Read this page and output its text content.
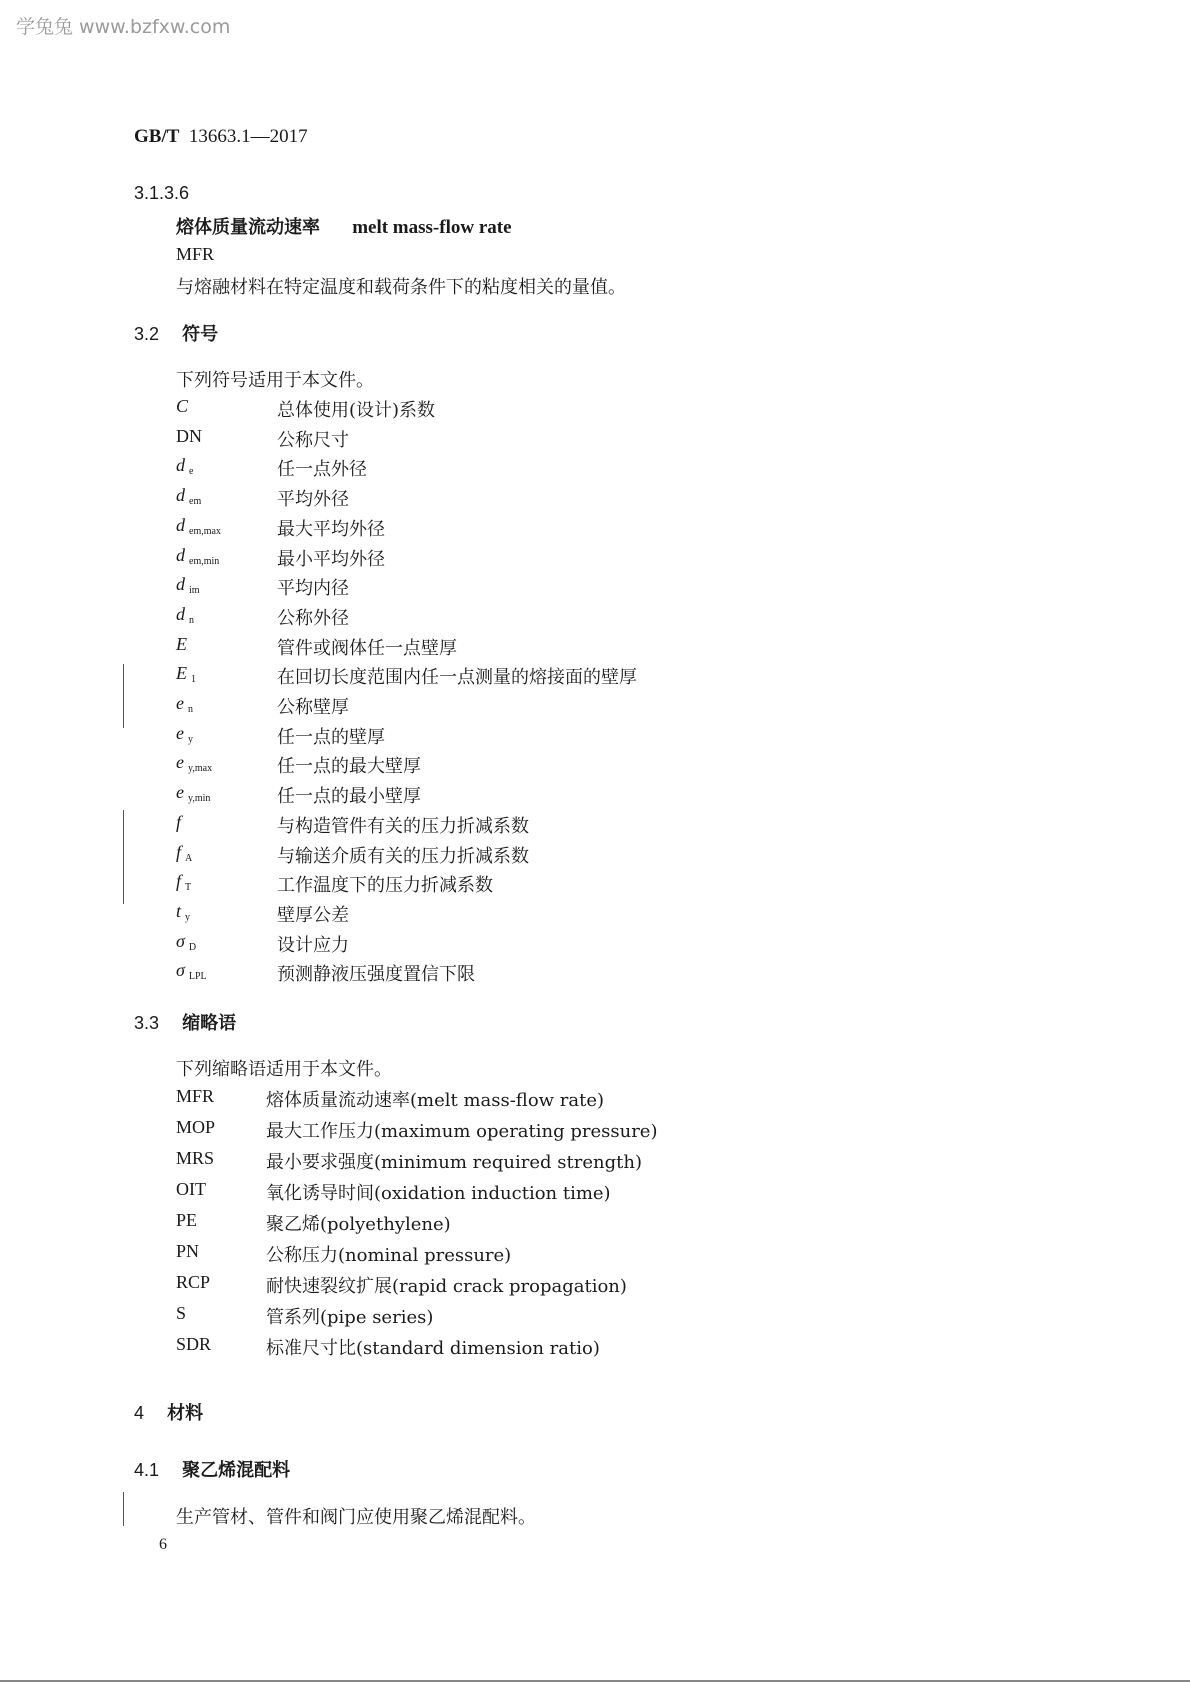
学兔兔 www.bzfxw.com
GB/T 13663.1—2017
3.1.3.6
熔体质量流动速率 melt mass-flow rate
MFR
与熔融材料在特定温度和载荷条件下的粘度相关的量值。
3.2 符号
下列符号适用于本文件。
C	总体使用(设计)系数
DN	公称尺寸
d $_e$	任一点外径
d $_{em}$	平均外径
d $_{em,max}$	最大平均外径
d $_{em,min}$	最小平均外径
d $_{im}$	平均内径
d $_n$	公称外径
E	管件或阀体任一点壁厚
E $_1$	在回切长度范围内任一点测量的熔接面的壁厚
e $_n$	公称壁厚
e $_y$	任一点的壁厚
e $_{y,max}$	任一点的最大壁厚
e $_{y,min}$	任一点的最小壁厚
f	与构造管件有关的压力折减系数
f $_A$	与输送介质有关的压力折减系数
f $_T$	工作温度下的压力折减系数
t $_y$	壁厚公差
σ $_D$	设计应力
σ $_{LPL}$	预测静液压强度置信下限
3.3 缩略语
下列缩略语适用于本文件。
MFR	熔体质量流动速率(melt mass-flow rate)
MOP	最大工作压力(maximum operating pressure)
MRS	最小要求强度(minimum required strength)
OIT	氧化诱导时间(oxidation induction time)
PE	聚乙烯(polyethylene)
PN	公称压力(nominal pressure)
RCP	耐快速裂纹扩展(rapid crack propagation)
S	管系列(pipe series)
SDR	标准尺寸比(standard dimension ratio)
4 材料
4.1 聚乙烯混配料
生产管材、管件和阀门应使用聚乙烯混配料。
6
